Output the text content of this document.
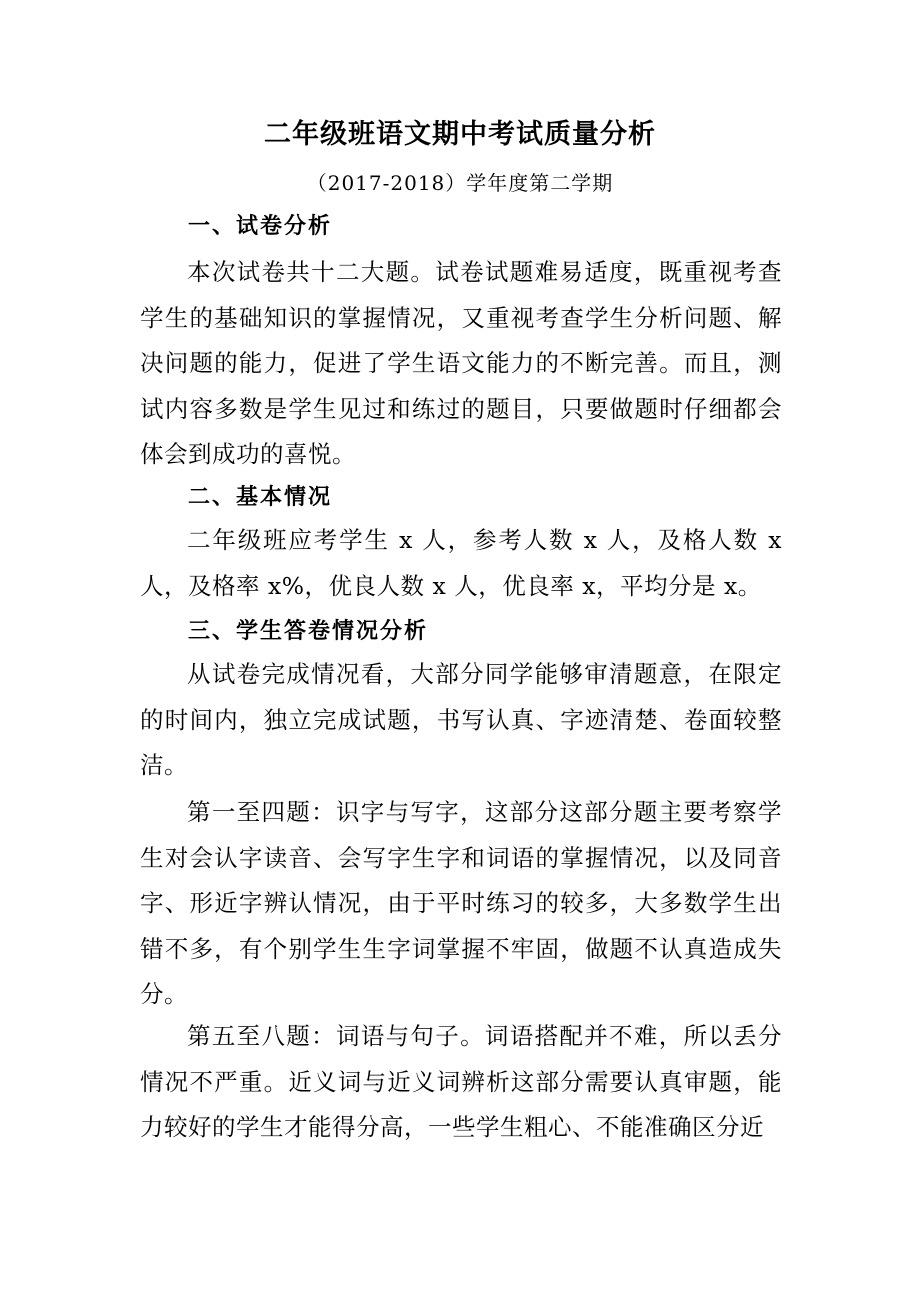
二年级班语文期中考试质量分析
（2017-2018）学年度第二学期
一、试卷分析
本次试卷共十二大题。试卷试题难易适度，既重视考查学生的基础知识的掌握情况，又重视考查学生分析问题、解决问题的能力，促进了学生语文能力的不断完善。而且，测试内容多数是学生见过和练过的题目，只要做题时仔细都会体会到成功的喜悦。
二、基本情况
二年级班应考学生 x 人，参考人数 x 人，及格人数 x 人，及格率 x%，优良人数 x 人，优良率 x，平均分是 x。
三、学生答卷情况分析
从试卷完成情况看，大部分同学能够审清题意，在限定的时间内，独立完成试题，书写认真、字迹清楚、卷面较整洁。
第一至四题：识字与写字，这部分这部分题主要考察学生对会认字读音、会写字生字和词语的掌握情况，以及同音字、形近字辨认情况，由于平时练习的较多，大多数学生出错不多，有个别学生生字词掌握不牢固，做题不认真造成失分。
第五至八题：词语与句子。词语搭配并不难，所以丢分情况不严重。近义词与近义词辨析这部分需要认真审题，能力较好的学生才能得分高，一些学生粗心、不能准确区分近
